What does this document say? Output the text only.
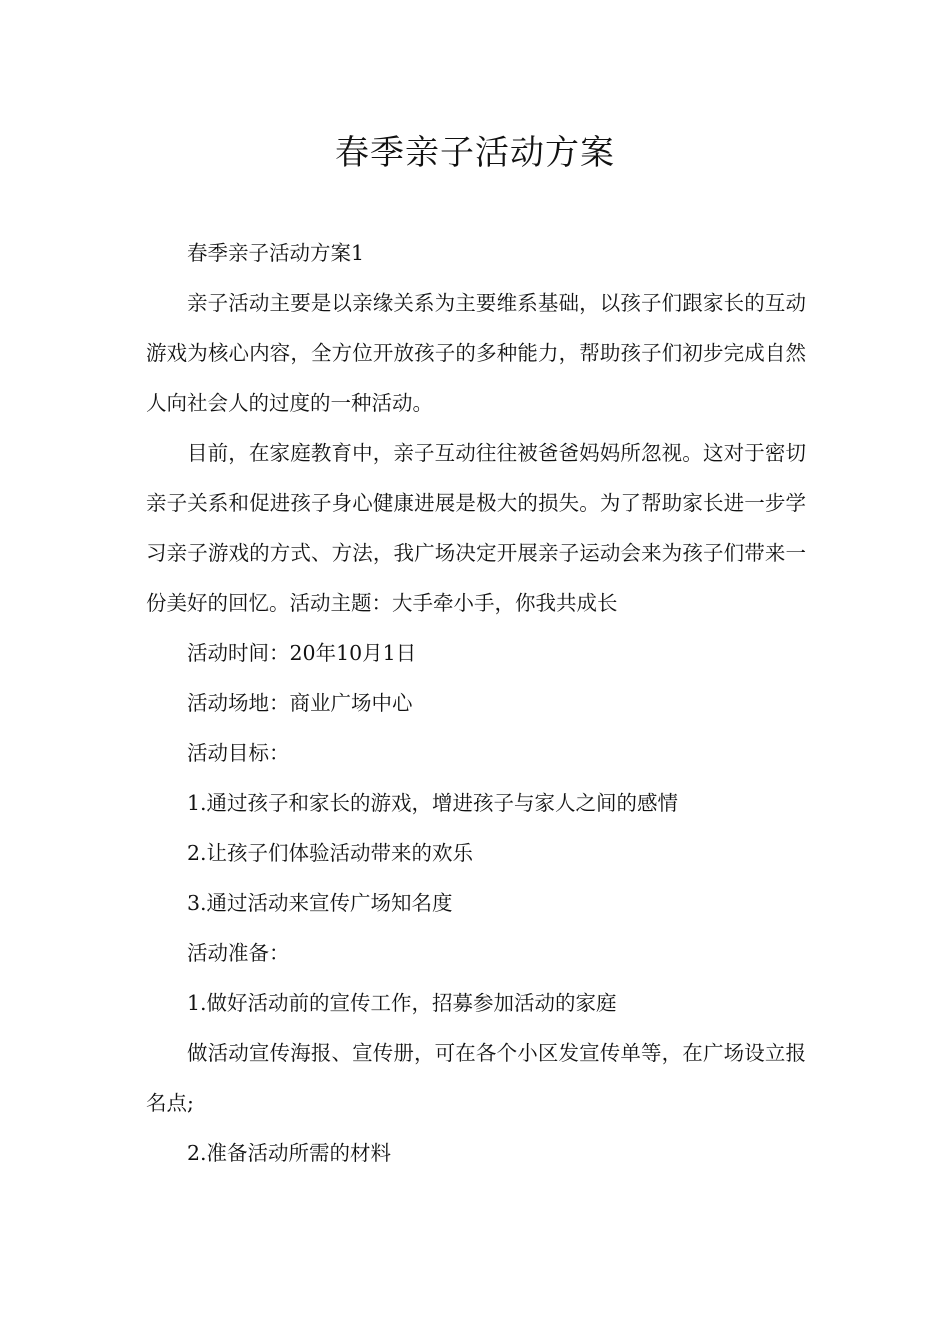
春季亲子活动方案

春季亲子活动方案1

亲子活动主要是以亲缘关系为主要维系基础，以孩子们跟家长的互动游戏为核心内容，全方位开放孩子的多种能力，帮助孩子们初步完成自然人向社会人的过度的一种活动。

目前，在家庭教育中，亲子互动往往被爸爸妈妈所忽视。这对于密切亲子关系和促进孩子身心健康进展是极大的损失。为了帮助家长进一步学习亲子游戏的方式、方法，我广场决定开展亲子运动会来为孩子们带来一份美好的回忆。活动主题：大手牵小手，你我共成长

活动时间：20年10月1日

活动场地：商业广场中心

活动目标：

1.通过孩子和家长的游戏，增进孩子与家人之间的感情

2.让孩子们体验活动带来的欢乐

3.通过活动来宣传广场知名度

活动准备：

1.做好活动前的宣传工作，招募参加活动的家庭

做活动宣传海报、宣传册，可在各个小区发宣传单等，在广场设立报名点;

2.准备活动所需的材料
